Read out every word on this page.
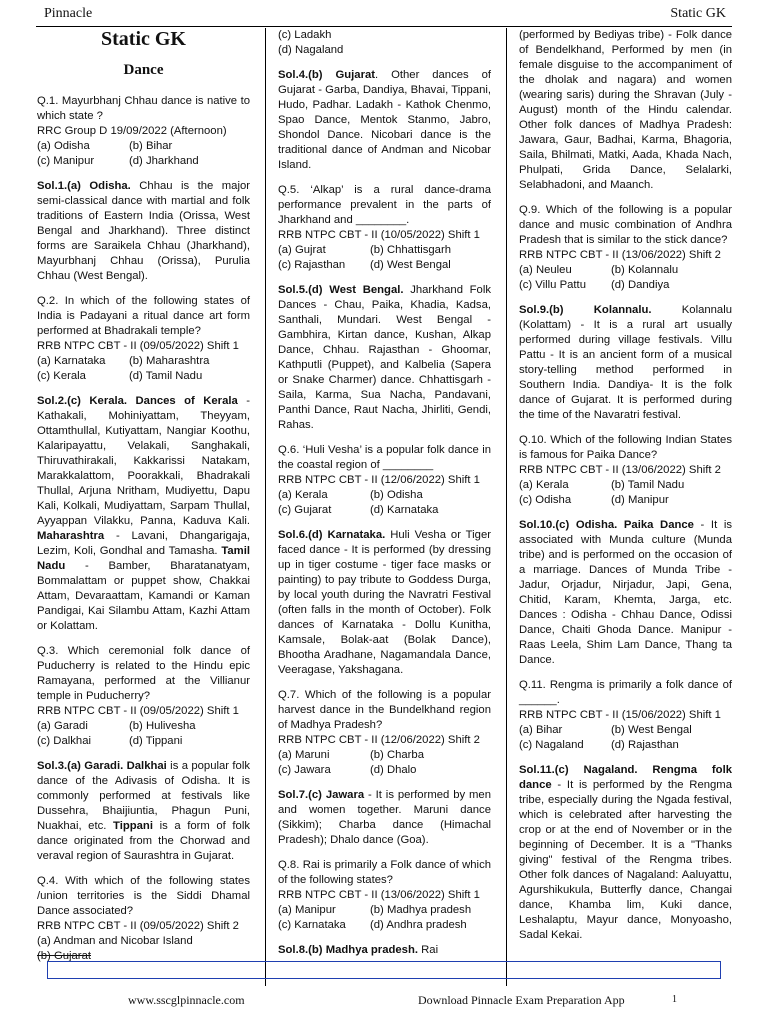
Pinnacle	Static GK
Static GK
Dance

Q.1. Mayurbhanj Chhau dance is native to which state ?

RRC Group D 19/09/2022 (Afternoon)

(a) Odisha	(b) Bihar
(c) Manipur	(d) Jharkhand

Sol.1.(a) Odisha. Chhau is the major semi-classical dance with martial and folk traditions of Eastern India (Orissa, West Bengal and Jharkhand). Three distinct forms are Saraikela Chhau (Jharkhand), Mayurbhanj Chhau (Orissa), Purulia Chhau (West Bengal).

Q.2. In which of the following states of India is Padayani a ritual dance art form performed at Bhadrakali temple?

RRB NTPC CBT - II (09/05/2022) Shift 1

(a) Karnataka	(b) Maharashtra
(c) Kerala	(d) Tamil Nadu

Sol.2.(c) Kerala. Dances of Kerala - Kathakali, Mohiniyattam, Theyyam, Ottamthullal, Kutiyattam, Nangiar Koothu, Kalaripayattu, Velakali, Sanghakali, Thiruvathirakali, Kakkarissi Natakam, Marakkalattom, Poorakkali, Bhadrakali Thullal, Arjuna Nritham, Mudiyettu, Dapu Kali, Kolkali, Mudiyattam, Sarpam Thullal, Ayyappan Vilakku, Panna, Kaduva Kali. Maharashtra - Lavani, Dhangarigaja, Lezim, Koli, Gondhal and Tamasha. Tamil Nadu - Bamber, Bharatanatyam, Bommalattam or puppet show, Chakkai Attam, Devaraattam, Kamandi or Kaman Pandigai, Kai Silambu Attam, Kazhi Attam or Kolattam.

Q.3. Which ceremonial folk dance of Puducherry is related to the Hindu epic Ramayana, performed at the Villianur temple in Puducherry?

RRB NTPC CBT - II (09/05/2022) Shift 1

(a) Garadi	(b) Hulivesha
(c) Dalkhai	(d) Tippani

Sol.3.(a) Garadi. Dalkhai is a popular folk dance of the Adivasis of Odisha. It is commonly performed at festivals like Dussehra, Bhaijiuntia, Phagun Puni, Nuakhai, etc. Tippani is a form of folk dance originated from the Chorwad and veraval region of Saurashtra in Gujarat.

Q.4. With which of the following states /union territories is the Siddi Dhamal Dance associated?

RRB NTPC CBT - II (09/05/2022) Shift 2

(a) Andman and Nicobar Island

(b) Gujarat

(c) Ladakh

(d) Nagaland

Sol.4.(b) Gujarat. Other dances of Gujarat - Garba, Dandiya, Bhavai, Tippani, Hudo, Padhar. Ladakh - Kathok Chenmo, Spao Dance, Mentok Stanmo, Jabro, Shondol Dance. Nicobari dance is the traditional dance of Andman and Nicobar Island.

Q.5. ‘Alkap’ is a rural dance-drama performance prevalent in the parts of Jharkhand and ________.

RRB NTPC CBT - II (10/05/2022) Shift 1

(a) Gujrat	(b) Chhattisgarh
(c) Rajasthan	(d) West Bengal

Sol.5.(d) West Bengal. Jharkhand Folk Dances - Chau, Paika, Khadia, Kadsa, Santhali, Mundari. West Bengal - Gambhira, Kirtan dance, Kushan, Alkap Dance, Chhau. Rajasthan - Ghoomar, Kathputli (Puppet), and Kalbelia (Sapera or Snake Charmer) dance. Chhattisgarh - Saila, Karma, Sua Nacha, Pandavani, Panthi Dance, Raut Nacha, Jhirliti, Gendi, Rahas.

Q.6. ‘Huli Vesha’ is a popular folk dance in the coastal region of ________

RRB NTPC CBT - II (12/06/2022) Shift 1

(a) Kerala	(b) Odisha
(c) Gujarat	(d) Karnataka

Sol.6.(d) Karnataka. Huli Vesha or Tiger faced dance - It is performed (by dressing up in tiger costume - tiger face masks or painting) to pay tribute to Goddess Durga, by local youth during the Navratri Festival (often falls in the month of October). Folk dances of Karnataka - Dollu Kunitha, Kamsale, Bolak-aat (Bolak Dance), Bhootha Aradhane, Nagamandala Dance, Veeragase, Yakshagana.

Q.7. Which of the following is a popular harvest dance in the Bundelkhand region of Madhya Pradesh?

RRB NTPC CBT - II (12/06/2022) Shift 2

(a) Maruni	(b) Charba
(c) Jawara	(d) Dhalo

Sol.7.(c) Jawara - It is performed by men and women together. Maruni dance (Sikkim); Charba dance (Himachal Pradesh); Dhalo dance (Goa).

Q.8. Rai is primarily a Folk dance of which of the following states?

RRB NTPC CBT - II (13/06/2022) Shift 1

(a) Manipur	(b) Madhya pradesh
(c) Karnataka	(d) Andhra pradesh

Sol.8.(b) Madhya pradesh. Rai

(performed by Bediyas tribe) - Folk dance of Bendelkhand, Performed by men (in female disguise to the accompaniment of the dholak and nagara) and women (wearing saris) during the Shravan (July -August) month of the Hindu calendar. Other folk dances of Madhya Pradesh: Jawara, Gaur, Badhai, Karma, Bhagoria, Saila, Bhilmati, Matki, Aada, Khada Nach, Phulpati, Grida Dance, Selalarki, Selabhadoni, and Maanch.

Q.9. Which of the following is a popular dance and music combination of Andhra Pradesh that is similar to the stick dance?

RRB NTPC CBT - II (13/06/2022) Shift 2

(a) Neuleu	(b) Kolannalu
(c) Villu Pattu	(d) Dandiya

Sol.9.(b) Kolannalu. Kolannalu (Kolattam) - It is a rural art usually performed during village festivals. Villu Pattu - It is an ancient form of a musical story-telling method performed in Southern India. Dandiya- It is the folk dance of Gujarat. It is performed during the time of the Navaratri festival.

Q.10. Which of the following Indian States is famous for Paika Dance?

RRB NTPC CBT - II (13/06/2022) Shift 2

(a) Kerala	(b) Tamil Nadu
(c) Odisha	(d) Manipur

Sol.10.(c) Odisha. Paika Dance - It is associated with Munda culture (Munda tribe) and is performed on the occasion of a marriage. Dances of Munda Tribe - Jadur, Orjadur, Nirjadur, Japi, Gena, Chitid, Karam, Khemta, Jarga, etc. Dances : Odisha - Chhau Dance, Odissi Dance, Chaiti Ghoda Dance. Manipur - Raas Leela, Shim Lam Dance, Thang ta Dance.

Q.11. Rengma is primarily a folk dance of ______.

RRB NTPC CBT - II (15/06/2022) Shift 1

(a) Bihar	(b) West Bengal
(c) Nagaland	(d) Rajasthan

Sol.11.(c) Nagaland. Rengma folk dance - It is performed by the Rengma tribe, especially during the Ngada festival, which is celebrated after harvesting the crop or at the end of November or in the beginning of December. It is a "Thanks giving" festival of the Rengma tribes. Other folk dances of Nagaland: Aaluyattu, Agurshikukula, Butterfly dance, Changai dance, Khamba lim, Kuki dance, Leshalaptu, Mayur dance, Monyoasho, Sadal Kekai.

www.sscglpinnacle.com	Download Pinnacle Exam Preparation App	1
